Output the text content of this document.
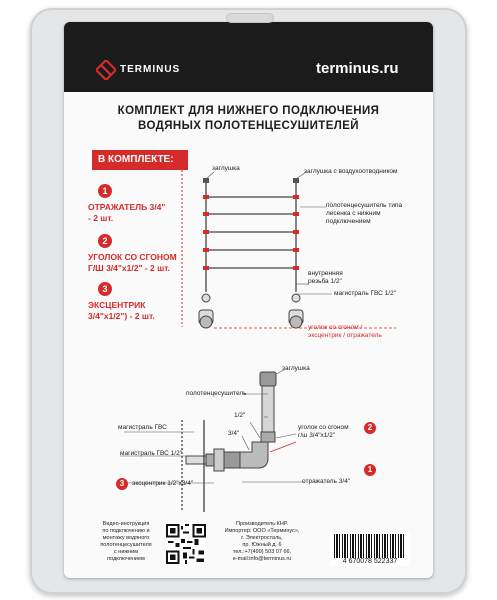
TERMINUS	terminus.ru
КОМПЛЕКТ ДЛЯ НИЖНЕГО ПОДКЛЮЧЕНИЯ
ВОДЯНЫХ ПОЛОТЕНЦЕСУШИТЕЛЕЙ
В КОМПЛЕКТЕ:
1
ОТРАЖАТЕЛЬ 3/4"
- 2 шт.
2
УГОЛОК СО СГОНОМ
Г/Ш 3/4"х1/2" - 2 шт.
3
ЭКСЦЕНТРИК
3/4"х1/2") - 2 шт.
заглушка	заглушка с воздухоотводником
полотенцесушитель типа
лесенка с нижним
подключением
внутренняя
резьба 1/2"
магистраль ГВС 1/2"
уголок со сгоном /
эксцентрик / отражатель
заглушка
полотенцесушитель
магистраль ГВС
1/2"
3/4"
уголок со сгоном
г/ш 3/4"х1/2"
2
магистраль ГВС 1/2"
отражатель 3/4"
1
3	эксцентрик 1/2"х3/4"
Видео-инструкция
по подключению и
монтажу водяного
полотенцесушителя
с нижним
подключением
Производитель:КНР.
Импортер: ООО «Терминус»,
г. Электросталь,
пр. Южный д. 6
тел.:+7(499) 503 07 66,
e-mail:info@terminus.ru	4 670078 522337
